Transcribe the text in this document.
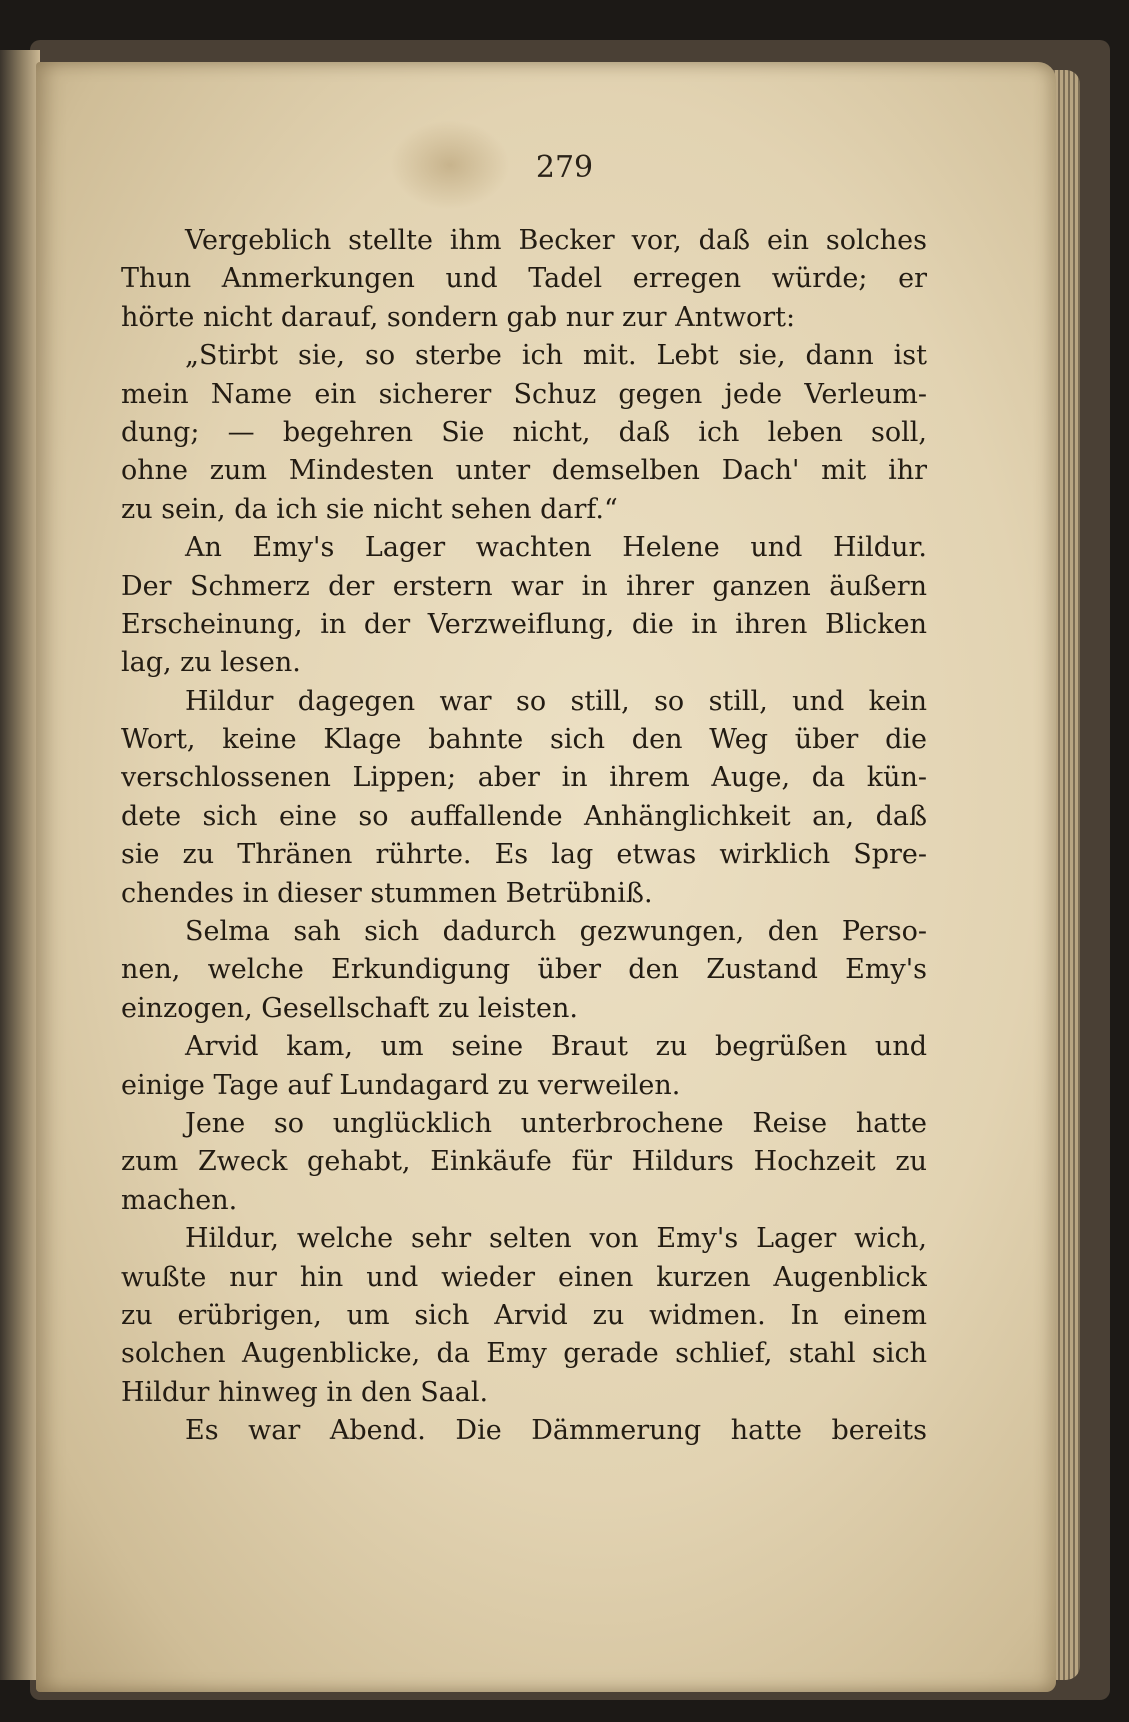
279
Vergeblich stellte ihm Becker vor, daß ein solches
Thun Anmerkungen und Tadel erregen würde; er
hörte nicht darauf, sondern gab nur zur Antwort:
„Stirbt sie, so sterbe ich mit. Lebt sie, dann ist
mein Name ein sicherer Schuz gegen jede Verleum-
dung; — begehren Sie nicht, daß ich leben soll,
ohne zum Mindesten unter demselben Dach' mit ihr
zu sein, da ich sie nicht sehen darf.“
An Emy's Lager wachten Helene und Hildur.
Der Schmerz der erstern war in ihrer ganzen äußern
Erscheinung, in der Verzweiflung, die in ihren Blicken
lag, zu lesen.
Hildur dagegen war so still, so still, und kein
Wort, keine Klage bahnte sich den Weg über die
verschlossenen Lippen; aber in ihrem Auge, da kün-
dete sich eine so auffallende Anhänglichkeit an, daß
sie zu Thränen rührte. Es lag etwas wirklich Spre-
chendes in dieser stummen Betrübniß.
Selma sah sich dadurch gezwungen, den Perso-
nen, welche Erkundigung über den Zustand Emy's
einzogen, Gesellschaft zu leisten.
Arvid kam, um seine Braut zu begrüßen und
einige Tage auf Lundagard zu verweilen.
Jene so unglücklich unterbrochene Reise hatte
zum Zweck gehabt, Einkäufe für Hildurs Hochzeit zu
machen.
Hildur, welche sehr selten von Emy's Lager wich,
wußte nur hin und wieder einen kurzen Augenblick
zu erübrigen, um sich Arvid zu widmen. In einem
solchen Augenblicke, da Emy gerade schlief, stahl sich
Hildur hinweg in den Saal.
Es war Abend. Die Dämmerung hatte bereits
